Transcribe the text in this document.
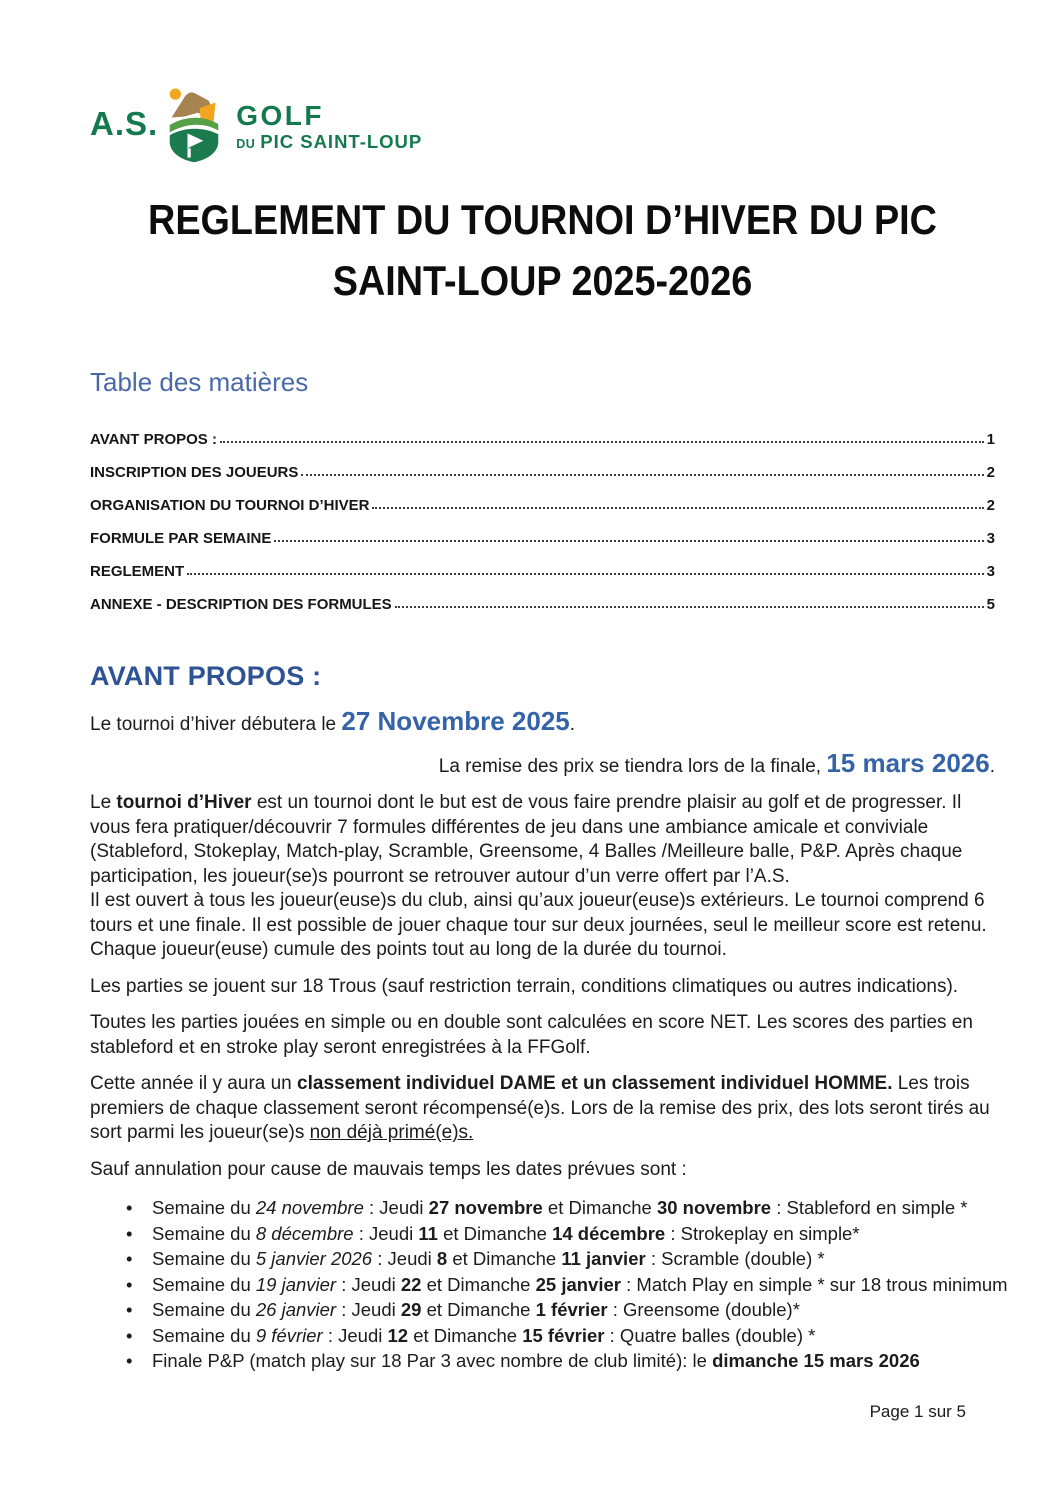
A.S.	GOLF
DU PIC SAINT-LOUP
REGLEMENT DU TOURNOI D’HIVER DU PIC
SAINT-LOUP 2025-2026
Table des matières
AVANT PROPOS :	1
INSCRIPTION DES JOUEURS	2
ORGANISATION DU TOURNOI D’HIVER	2
FORMULE PAR SEMAINE	3
REGLEMENT	3
ANNEXE - DESCRIPTION DES FORMULES	5
AVANT PROPOS :

Le tournoi d’hiver débutera le 27 Novembre 2025.

La remise des prix se tiendra lors de la finale, 15 mars 2026.

Le tournoi d’Hiver est un tournoi dont le but est de vous faire prendre plaisir au golf et de progresser. Il vous fera pratiquer/découvrir 7 formules différentes de jeu dans une ambiance amicale et conviviale (Stableford, Stokeplay, Match-play, Scramble, Greensome, 4 Balles /Meilleure balle, P&P. Après chaque participation, les joueur(se)s pourront se retrouver autour d’un verre offert par l’A.S.
Il est ouvert à tous les joueur(euse)s du club, ainsi qu’aux joueur(euse)s extérieurs. Le tournoi comprend 6 tours et une finale. Il est possible de jouer chaque tour sur deux journées, seul le meilleur score est retenu. Chaque joueur(euse) cumule des points tout au long de la durée du tournoi.

Les parties se jouent sur 18 Trous (sauf restriction terrain, conditions climatiques ou autres indications).

Toutes les parties jouées en simple ou en double sont calculées en score NET. Les scores des parties en stableford et en stroke play seront enregistrées à la FFGolf.

Cette année il y aura un classement individuel DAME et un classement individuel HOMME. Les trois premiers de chaque classement seront récompensé(e)s. Lors de la remise des prix, des lots seront tirés au sort parmi les joueur(se)s non déjà primé(e)s.

Sauf annulation pour cause de mauvais temps les dates prévues sont :

• Semaine du 24 novembre : Jeudi 27 novembre et Dimanche 30 novembre : Stableford en simple *
• Semaine du 8 décembre : Jeudi 11 et Dimanche 14 décembre : Strokeplay en simple*
• Semaine du 5 janvier 2026 : Jeudi 8 et Dimanche 11 janvier : Scramble (double) *
• Semaine du 19 janvier : Jeudi 22 et Dimanche 25 janvier : Match Play en simple * sur 18 trous minimum
• Semaine du 26 janvier : Jeudi 29 et Dimanche 1 février : Greensome (double)*
• Semaine du 9 février : Jeudi 12 et Dimanche 15 février : Quatre balles (double) *
• Finale P&P (match play sur 18 Par 3 avec nombre de club limité): le dimanche 15 mars 2026
Page 1 sur 5
